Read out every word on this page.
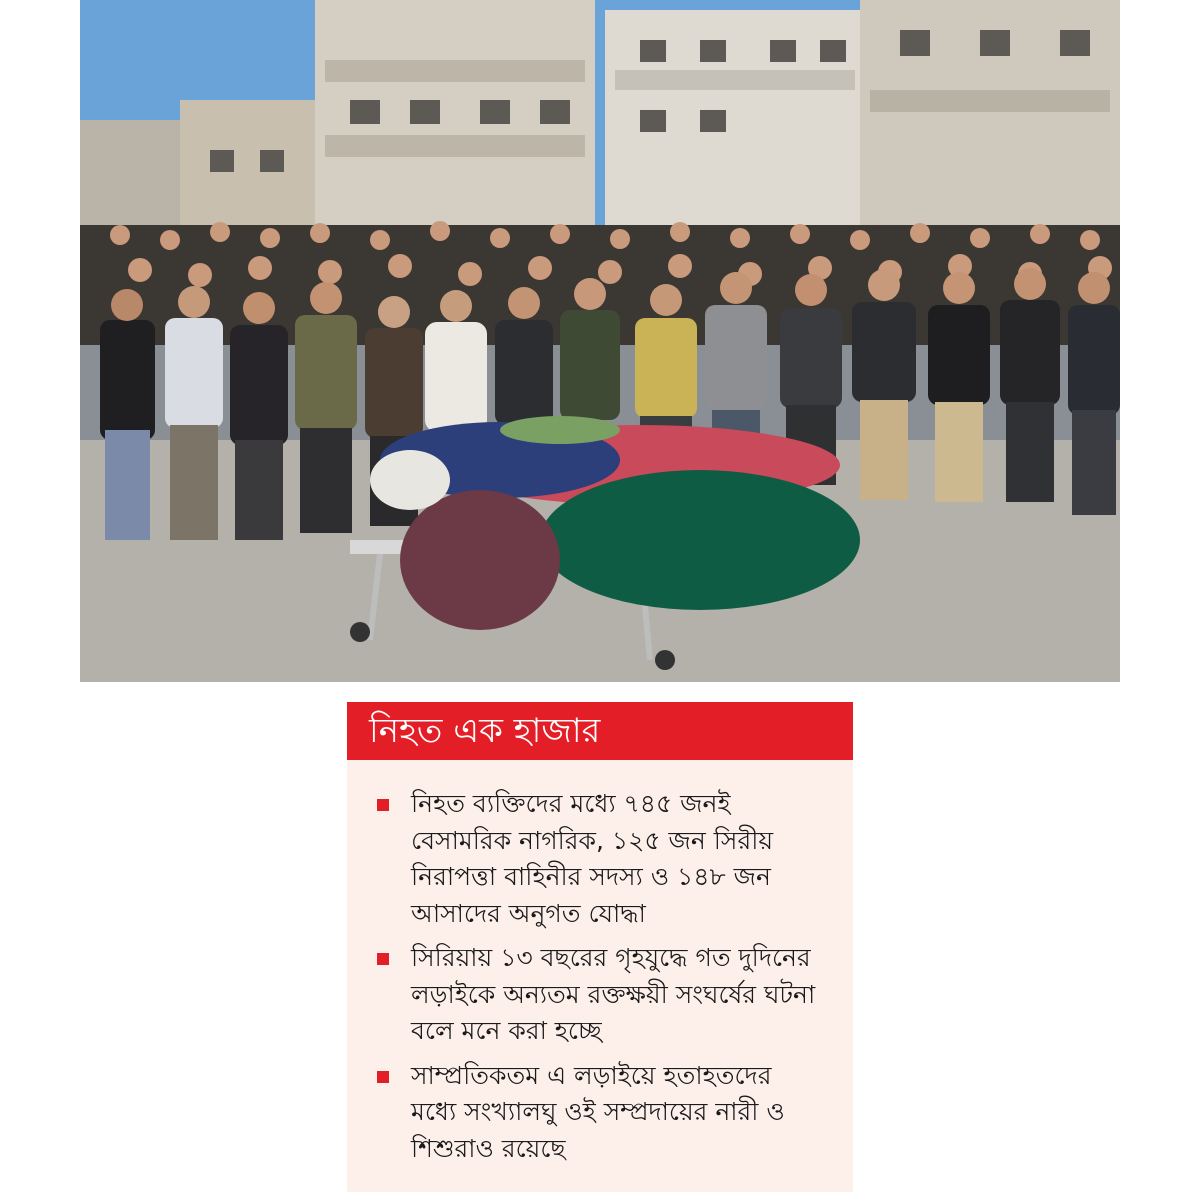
নিহত এক হাজার
নিহত ব্যক্তিদের মধ্যে ৭৪৫ জনই বেসামরিক নাগরিক, ১২৫ জন সিরীয় নিরাপত্তা বাহিনীর সদস্য ও ১৪৮ জন আসাদের অনুগত যোদ্ধা
সিরিয়ায় ১৩ বছরের গৃহযুদ্ধে গত দুদিনের লড়াইকে অন্যতম রক্তক্ষয়ী সংঘর্ষের ঘটনা বলে মনে করা হচ্ছে
সাম্প্রতিকতম এ লড়াইয়ে হতাহতদের মধ্যে সংখ্যালঘু ওই সম্প্রদায়ের নারী ও শিশুরাও রয়েছে
